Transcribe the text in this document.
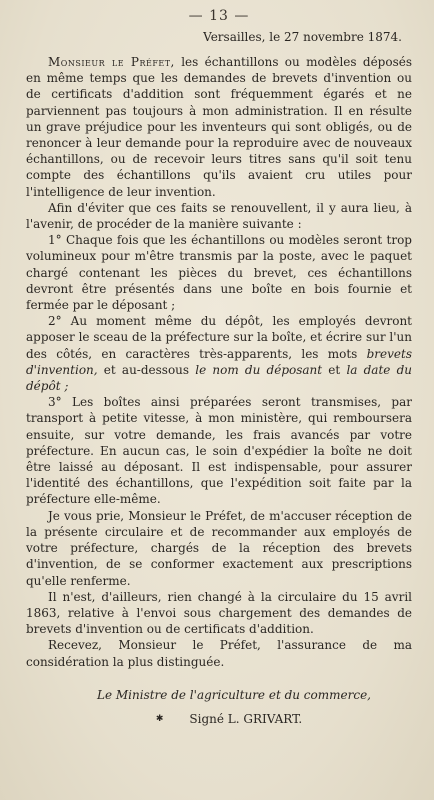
— 13 —
Versailles, le 27 novembre 1874.

Monsieur le Préfet, les échantillons ou modèles déposés en même temps que les demandes de brevets d'invention ou de certificats d'addition sont fréquemment égarés et ne parviennent pas toujours à mon administration. Il en résulte un grave préjudice pour les inventeurs qui sont obligés, ou de renoncer à leur demande pour la reproduire avec de nouveaux échantillons, ou de recevoir leurs titres sans qu'il soit tenu compte des échantillons qu'ils avaient cru utiles pour l'intelligence de leur invention.

Afin d'éviter que ces faits se renouvellent, il y aura lieu, à l'avenir, de procéder de la manière suivante :

1° Chaque fois que les échantillons ou modèles seront trop volumineux pour m'être transmis par la poste, avec le paquet chargé contenant les pièces du brevet, ces échantillons devront être présentés dans une boîte en bois fournie et fermée par le déposant ;

2° Au moment même du dépôt, les employés devront apposer le sceau de la préfecture sur la boîte, et écrire sur l'un des côtés, en caractères très-apparents, les mots brevets d'invention, et au-dessous le nom du déposant et la date du dépôt ;

3° Les boîtes ainsi préparées seront transmises, par transport à petite vitesse, à mon ministère, qui remboursera ensuite, sur votre demande, les frais avancés par votre préfecture. En aucun cas, le soin d'expédier la boîte ne doit être laissé au déposant. Il est indispensable, pour assurer l'identité des échantillons, que l'expédition soit faite par la préfecture elle-même.

Je vous prie, Monsieur le Préfet, de m'accuser réception de la présente circulaire et de recommander aux employés de votre préfecture, chargés de la réception des brevets d'invention, de se conformer exactement aux prescriptions qu'elle renferme.

Il n'est, d'ailleurs, rien changé à la circulaire du 15 avril 1863, relative à l'envoi sous chargement des demandes de brevets d'invention ou de certificats d'addition.

Recevez, Monsieur le Préfet, l'assurance de ma considération la plus distinguée.

Le Ministre de l'agriculture et du commerce,
✱ Signé L. GRIVART.
